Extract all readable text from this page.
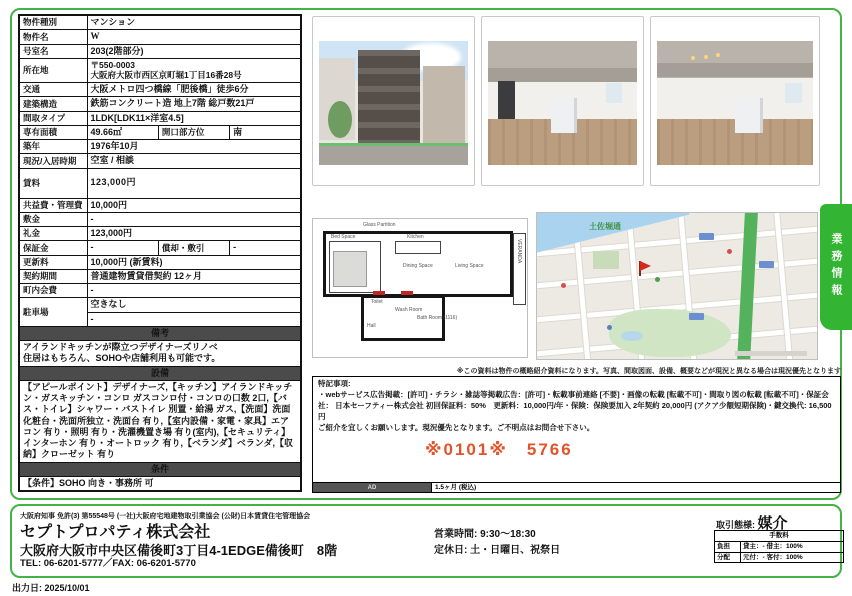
物件種別	マンション		
物件名	W		
号室名	203(2階部分)		
所在地	〒550-0003
大阪府大阪市西区京町堀1丁目16番28号		

交通	大阪メトロ四つ橋線「肥後橋」徒歩6分		
建築構造	鉄筋コンクリート造 地上7階 総戸数21戸		
間取タイプ	1LDK[LDK11×洋室4.5]		
専有面積	49.66㎡	開口部方位	南
築年	1976年10月		
現況/入居時期	空室 / 相談		
賃料	123,000円		
共益費・管理費	10,000円		
敷金	-		
礼金	123,000円		
保証金	-	償却・敷引	-
更新料	10,000円 (新賃料)		
契約期間	普通建物賃貸借契約 12ヶ月		
町内会費	-		
駐車場	空きなし		
	-		
備考			

アイランドキッチンが際立つデザイナーズリノベ
住居はもちろん、SOHOや店舗利用も可能です。			

設備			
【アピールポイント】デザイナーズ,【キッチン】アイランドキッチン・ガスキッチン・コンロ ガスコンロ付・コンロの口数 2口,【バス・トイレ】シャワー・バストイレ 別置・給湯 ガス,【洗面】洗面化粧台・洗面所独立・洗面台 有り,【室内設備・家電・家具】エアコン 有り・照明 有り・洗濯機置き場 有り(室内),【セキュリティ】インターホン 有り・オートロック 有り,【ベランダ】ベランダ,【収納】クローゼット 有り			
条件			
【条件】SOHO 向き・事務所 可			
Bed Space
Glass Partition
Kitchen
Dining Space	Living Space
VERANDA
Toilet
Wash Room
Bath Room (1116)
Hall
土佐堀通
業務情報
※この資料は物件の概略紹介資料になります。写真、間取図面、設備、概要などが現況と異なる場合は現況優先となります
特記事項:
・webサービス広告掲載：[許可]・チラシ・雑誌等掲載広告：[許可]・転載事前連絡 [不要]・画像の転載 [転載不可]・間取り図の転載 [転載不可]・保証会社： 日本セーフティー株式会社 初回保証料：50%　更新料：10,000円/年・保険：保険要加入 2年契約 20,000円 (アクア少額短期保険)・鍵交換代: 16,500円
ご紹介を宜しくお願いします。現況優先となります。ご不明点はお問合せ下さい。
※0101※　5766
AD	1.5ヶ月 (税込)
大阪府知事 免許(3) 第55548号 (一社)大阪府宅地建物取引業協会 (公財)日本賃貸住宅管理協会
セプトプロパティ株式会社
大阪府大阪市中央区備後町3丁目4-1EDGE備後町　8階
TEL: 06-6201-5777／FAX: 06-6201-5770
営業時間: 9:30～18:30
定休日: 土・日曜日、祝祭日
取引態様: 媒介
手数料	
負担	貸主：- 借主：100%
分配	元付：- 客付：100%
出力日: 2025/10/01
